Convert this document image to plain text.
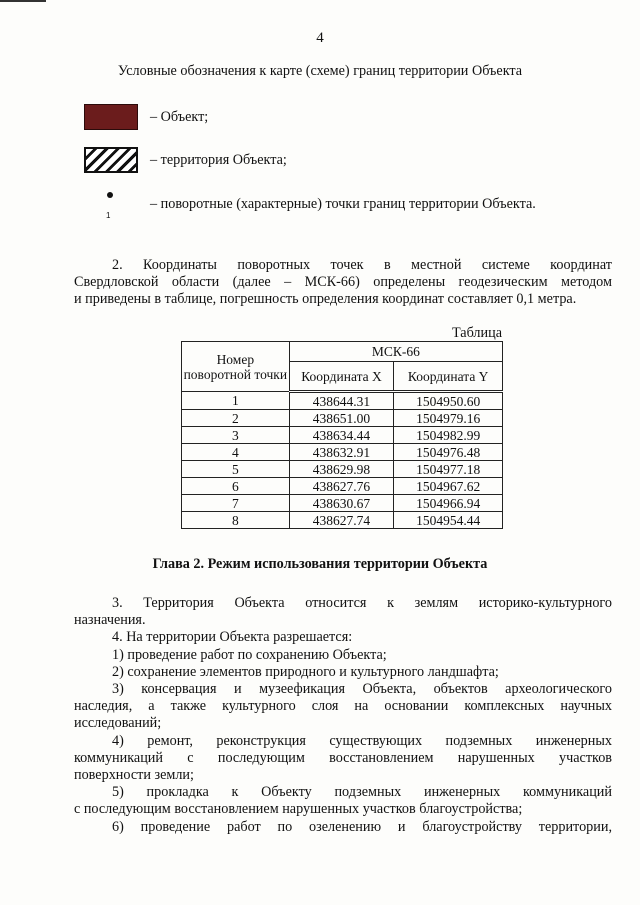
4
Условные обозначения к карте (схеме) границ территории Объекта
– Объект;
– территория Объекта;
1
– поворотные (характерные) точки границ территории Объекта.
2. Координаты поворотных точек в местной системе координат
Свердловской области (далее – МСК-66) определены геодезическим методом
и приведены в таблице, погрешность определения координат составляет 0,1 метра.
Таблица
Номер поворотной точки	МСК-66	
	Координата X	Координата Y
1	438644.31	1504950.60
2	438651.00	1504979.16
3	438634.44	1504982.99
4	438632.91	1504976.48
5	438629.98	1504977.18
6	438627.76	1504967.62
7	438630.67	1504966.94
8	438627.74	1504954.44
Глава 2. Режим использования территории Объекта
3. Территория Объекта относится к землям историко-культурного
назначения.
4. На территории Объекта разрешается:
1) проведение работ по сохранению Объекта;
2) сохранение элементов природного и культурного ландшафта;
3) консервация и музеефикация Объекта, объектов археологического
наследия, а также культурного слоя на основании комплексных научных
исследований;
4) ремонт, реконструкция существующих подземных инженерных
коммуникаций с последующим восстановлением нарушенных участков
поверхности земли;
5) прокладка к Объекту подземных инженерных коммуникаций
с последующим восстановлением нарушенных участков благоустройства;
6) проведение работ по озеленению и благоустройству территории,
